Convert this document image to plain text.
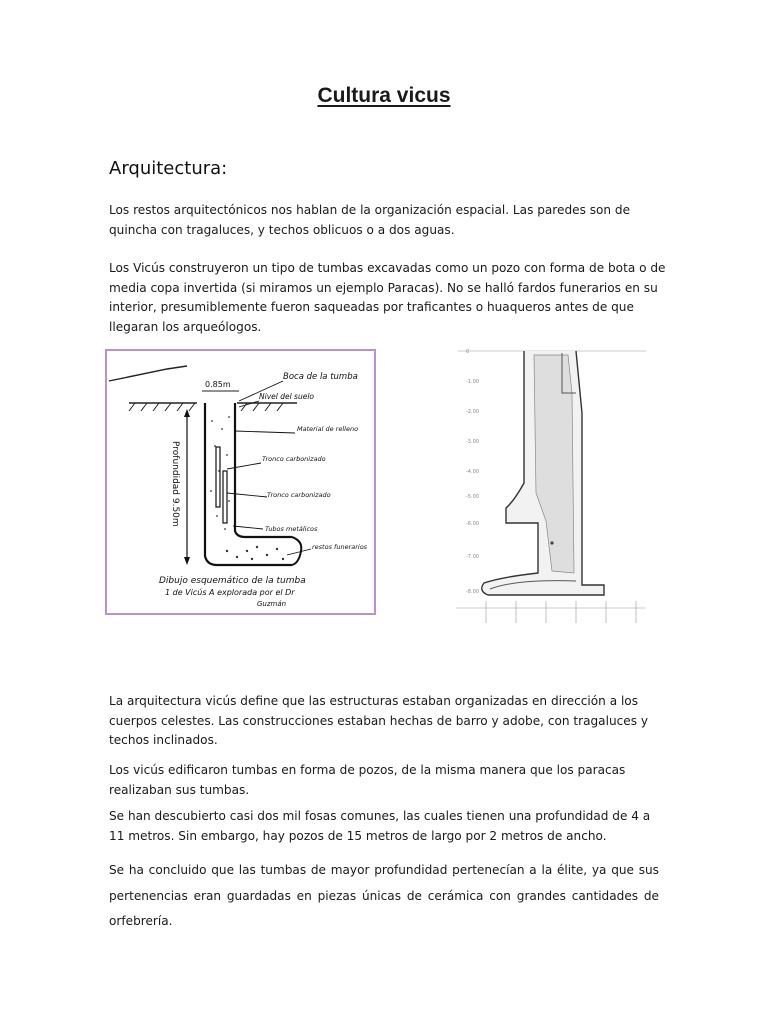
Cultura vicus
Arquitectura:
Los restos arquitectónicos nos hablan de la organización espacial. Las paredes son de quincha con tragaluces, y techos oblicuos o a dos aguas.
Los Vicús construyeron un tipo de tumbas excavadas como un pozo con forma de bota o de media copa invertida (si miramos un ejemplo Paracas). No se halló fardos funerarios en su interior, presumiblemente fueron saqueadas por traficantes o huaqueros antes de que llegaran los arqueólogos.
0.85m
Profundidad 9.50m
Boca de la tumba
Nivel del suelo
Material de relleno
Tronco carbonizado
Tronco carbonizado
Tubos metálicos
restos funerarios
Dibujo esquemático de la tumba
1 de Vicús A explorada por el Dr
Guzmán
0
-1.00
-2.00
-3.00
-4.00
-5.00
-6.00
-7.00
-8.00
La arquitectura vicús define que las estructuras estaban organizadas en dirección a los cuerpos celestes. Las construcciones estaban hechas de barro y adobe, con tragaluces y techos inclinados.
Los vicús edificaron tumbas en forma de pozos, de la misma manera que los paracas realizaban sus tumbas.
Se han descubierto casi dos mil fosas comunes, las cuales tienen una profundidad de 4 a 11 metros. Sin embargo, hay pozos de 15 metros de largo por 2 metros de ancho.
Se ha concluido que las tumbas de mayor profundidad pertenecían a la élite, ya que sus pertenencias eran guardadas en piezas únicas de cerámica con grandes cantidades de orfebrería.
